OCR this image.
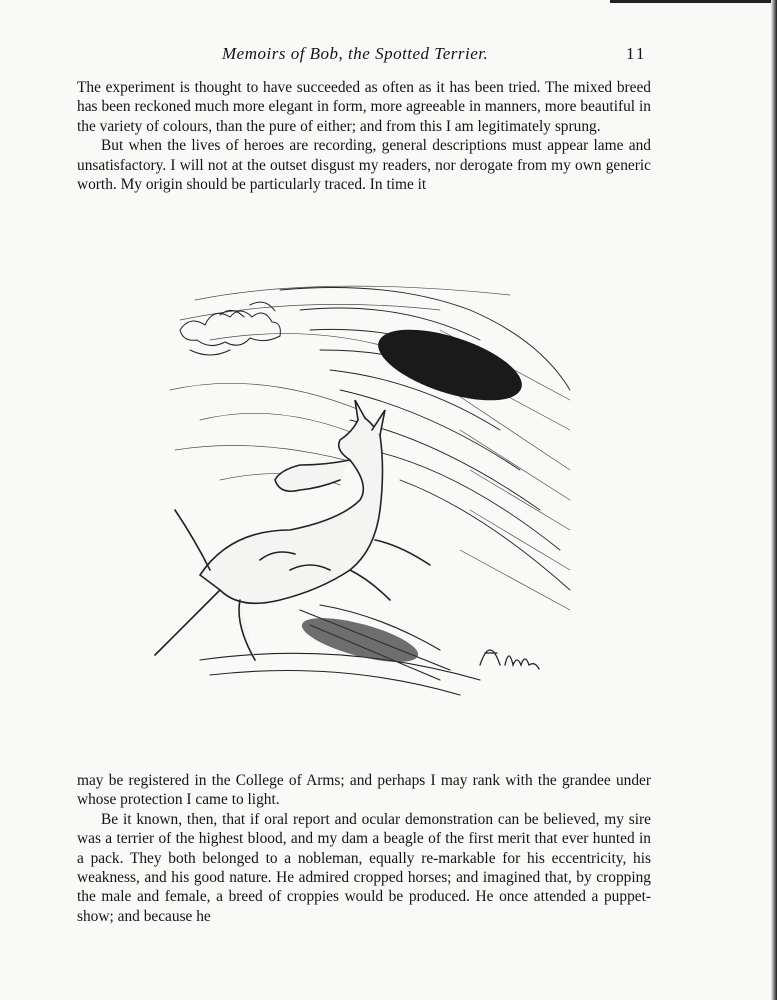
Memoirs of Bob, the Spotted Terrier.	11

The experiment is thought to have succeeded as often as it has been tried. The mixed breed has been reckoned much more elegant in form, more agreeable in manners, more beautiful in the variety of colours, than the pure of either; and from this I am legitimately sprung.

But when the lives of heroes are recording, general descriptions must appear lame and unsatisfactory. I will not at the outset disgust my readers, nor derogate from my own generic worth. My origin should be particularly traced. In time it

may be registered in the College of Arms; and perhaps I may rank with the grandee under whose protection I came to light.

Be it known, then, that if oral report and ocular demonstration can be believed, my sire was a terrier of the highest blood, and my dam a beagle of the first merit that ever hunted in a pack. They both belonged to a nobleman, equally re-markable for his eccentricity, his weakness, and his good nature. He admired cropped horses; and imagined that, by cropping the male and female, a breed of croppies would be produced. He once attended a puppet-show; and because he
